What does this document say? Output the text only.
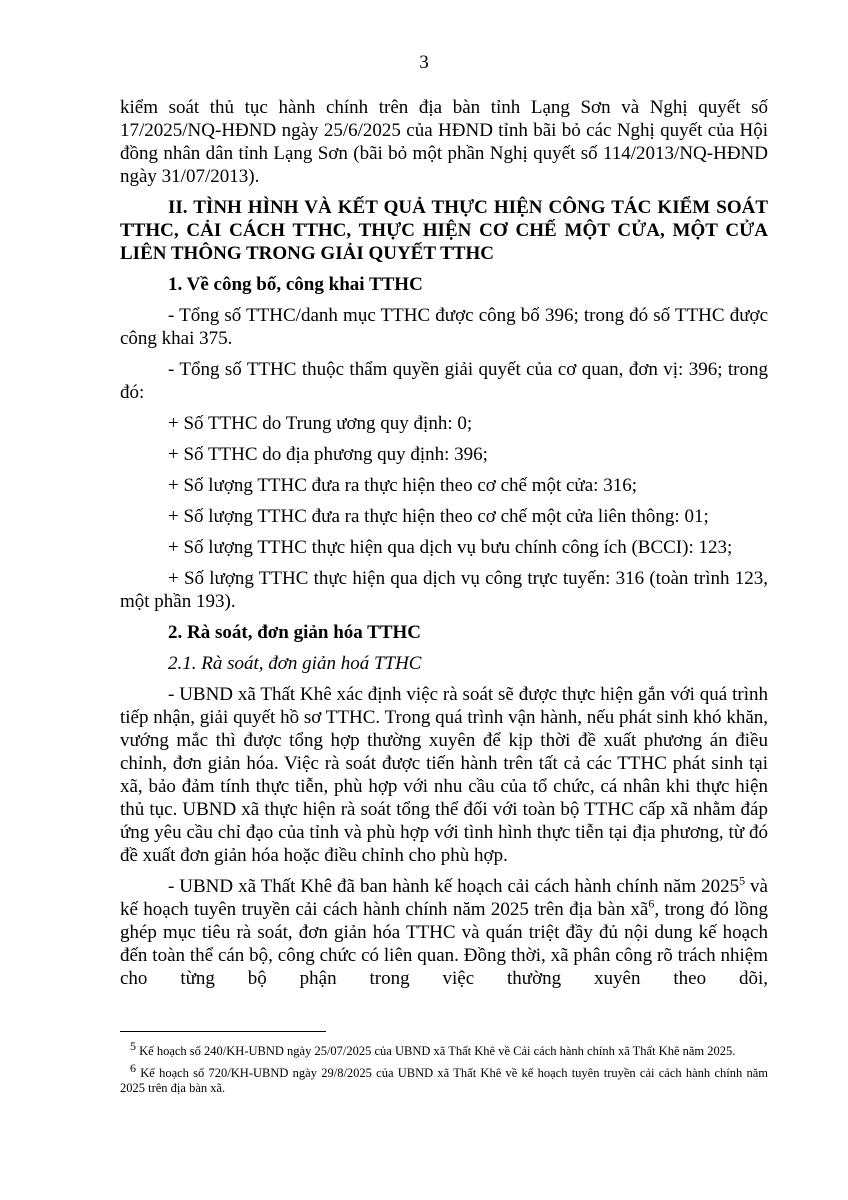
3

kiểm soát thủ tục hành chính trên địa bàn tỉnh Lạng Sơn và Nghị quyết số 17/2025/NQ-HĐND ngày 25/6/2025 của HĐND tỉnh bãi bỏ các Nghị quyết của Hội đồng nhân dân tỉnh Lạng Sơn (bãi bỏ một phần Nghị quyết số 114/2013/NQ-HĐND ngày 31/07/2013).

II. TÌNH HÌNH VÀ KẾT QUẢ THỰC HIỆN CÔNG TÁC KIỂM SOÁT TTHC, CẢI CÁCH TTHC, THỰC HIỆN CƠ CHẾ MỘT CỬA, MỘT CỬA LIÊN THÔNG TRONG GIẢI QUYẾT TTHC

1. Về công bố, công khai TTHC

- Tổng số TTHC/danh mục TTHC được công bố 396; trong đó số TTHC được công khai 375.

- Tổng số TTHC thuộc thẩm quyền giải quyết của cơ quan, đơn vị: 396; trong đó:

+ Số TTHC do Trung ương quy định: 0;

+ Số TTHC do địa phương quy định: 396;

+ Số lượng TTHC đưa ra thực hiện theo cơ chế một cửa: 316;

+ Số lượng TTHC đưa ra thực hiện theo cơ chế một cửa liên thông: 01;

+ Số lượng TTHC thực hiện qua dịch vụ bưu chính công ích (BCCI): 123;

+ Số lượng TTHC thực hiện qua dịch vụ công trực tuyến: 316 (toàn trình 123, một phần 193).

2. Rà soát, đơn giản hóa TTHC

2.1. Rà soát, đơn giản hoá TTHC

- UBND xã Thất Khê xác định việc rà soát sẽ được thực hiện gắn với quá trình tiếp nhận, giải quyết hồ sơ TTHC. Trong quá trình vận hành, nếu phát sinh khó khăn, vướng mắc thì được tổng hợp thường xuyên để kịp thời đề xuất phương án điều chỉnh, đơn giản hóa. Việc rà soát được tiến hành trên tất cả các TTHC phát sinh tại xã, bảo đảm tính thực tiễn, phù hợp với nhu cầu của tổ chức, cá nhân khi thực hiện thủ tục. UBND xã thực hiện rà soát tổng thể đối với toàn bộ TTHC cấp xã nhằm đáp ứng yêu cầu chỉ đạo của tỉnh và phù hợp với tình hình thực tiễn tại địa phương, từ đó đề xuất đơn giản hóa hoặc điều chỉnh cho phù hợp.

- UBND xã Thất Khê đã ban hành kế hoạch cải cách hành chính năm 2025$^5$ và kế hoạch tuyên truyền cải cách hành chính năm 2025 trên địa bàn $xã^6$, trong đó lồng ghép mục tiêu rà soát, đơn giản hóa TTHC và quán triệt đầy đủ nội dung kế hoạch đến toàn thể cán bộ, công chức có liên quan. Đồng thời, xã phân công rõ trách nhiệm cho từng bộ phận trong việc thường xuyên theo dõi,

$^5$ Kế hoạch số 240/KH-UBND ngày 25/07/2025 của UBND xã Thất Khê về Cải cách hành chính xã Thất Khê năm 2025.

$^6$ Kế hoạch số 720/KH-UBND ngày 29/8/2025 của UBND xã Thất Khê về kế hoạch tuyên truyền cải cách hành chính năm 2025 trên địa bàn xã.
